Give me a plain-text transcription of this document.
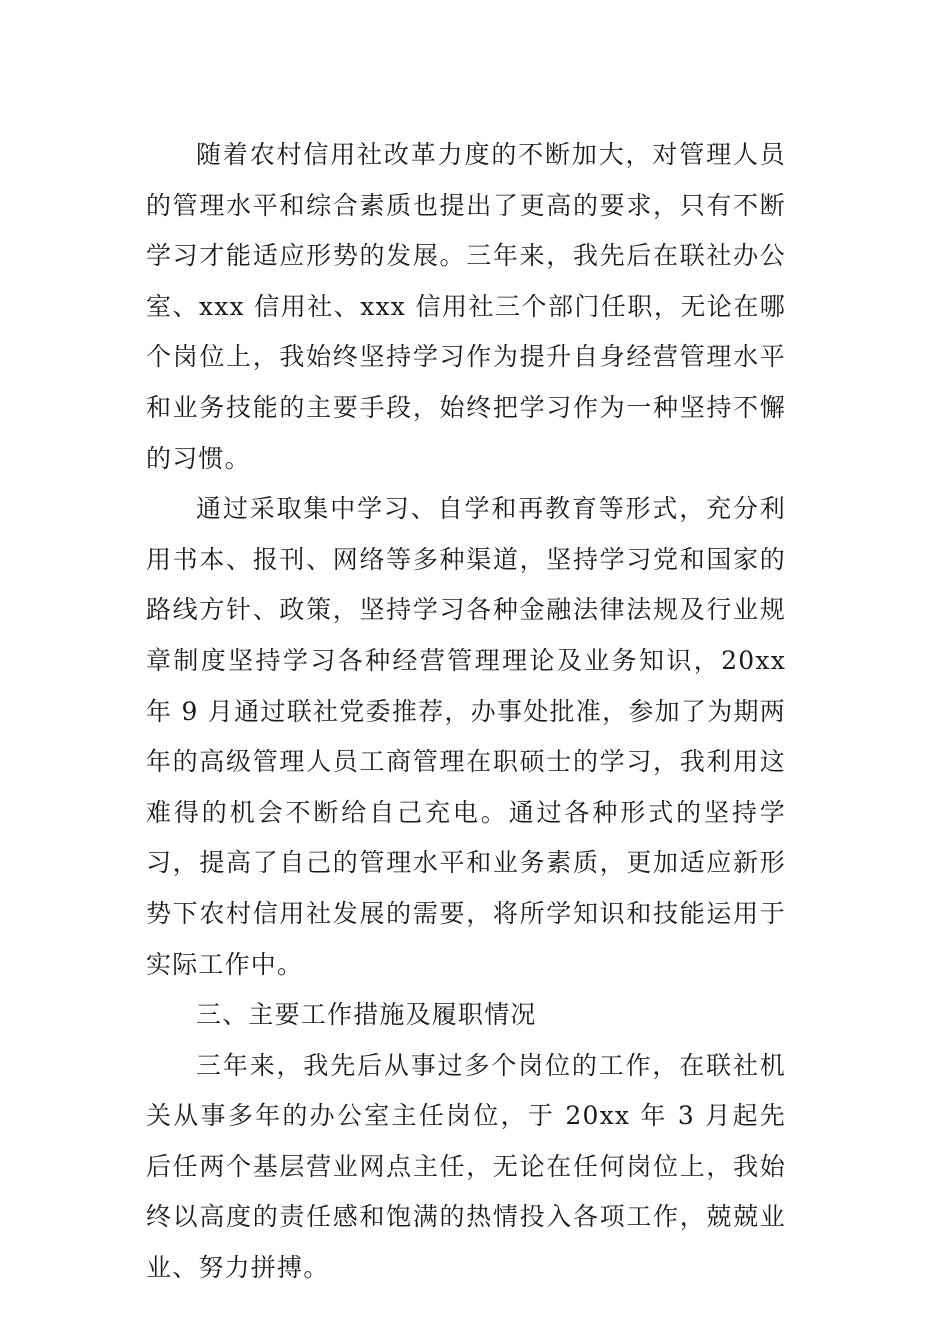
随着农村信用社改革力度的不断加大，对管理人员的管理水平和综合素质也提出了更高的要求，只有不断学习才能适应形势的发展。三年来，我先后在联社办公室、xxx 信用社、xxx 信用社三个部门任职，无论在哪个岗位上，我始终坚持学习作为提升自身经营管理水平和业务技能的主要手段，始终把学习作为一种坚持不懈的习惯。

通过采取集中学习、自学和再教育等形式，充分利用书本、报刊、网络等多种渠道，坚持学习党和国家的路线方针、政策，坚持学习各种金融法律法规及行业规章制度坚持学习各种经营管理理论及业务知识，20xx 年 9 月通过联社党委推荐，办事处批准，参加了为期两年的高级管理人员工商管理在职硕士的学习，我利用这难得的机会不断给自己充电。通过各种形式的坚持学习，提高了自己的管理水平和业务素质，更加适应新形势下农村信用社发展的需要，将所学知识和技能运用于实际工作中。

三、主要工作措施及履职情况

三年来，我先后从事过多个岗位的工作，在联社机关从事多年的办公室主任岗位，于 20xx 年 3 月起先后任两个基层营业网点主任，无论在任何岗位上，我始终以高度的责任感和饱满的热情投入各项工作，兢兢业业、努力拼搏。
